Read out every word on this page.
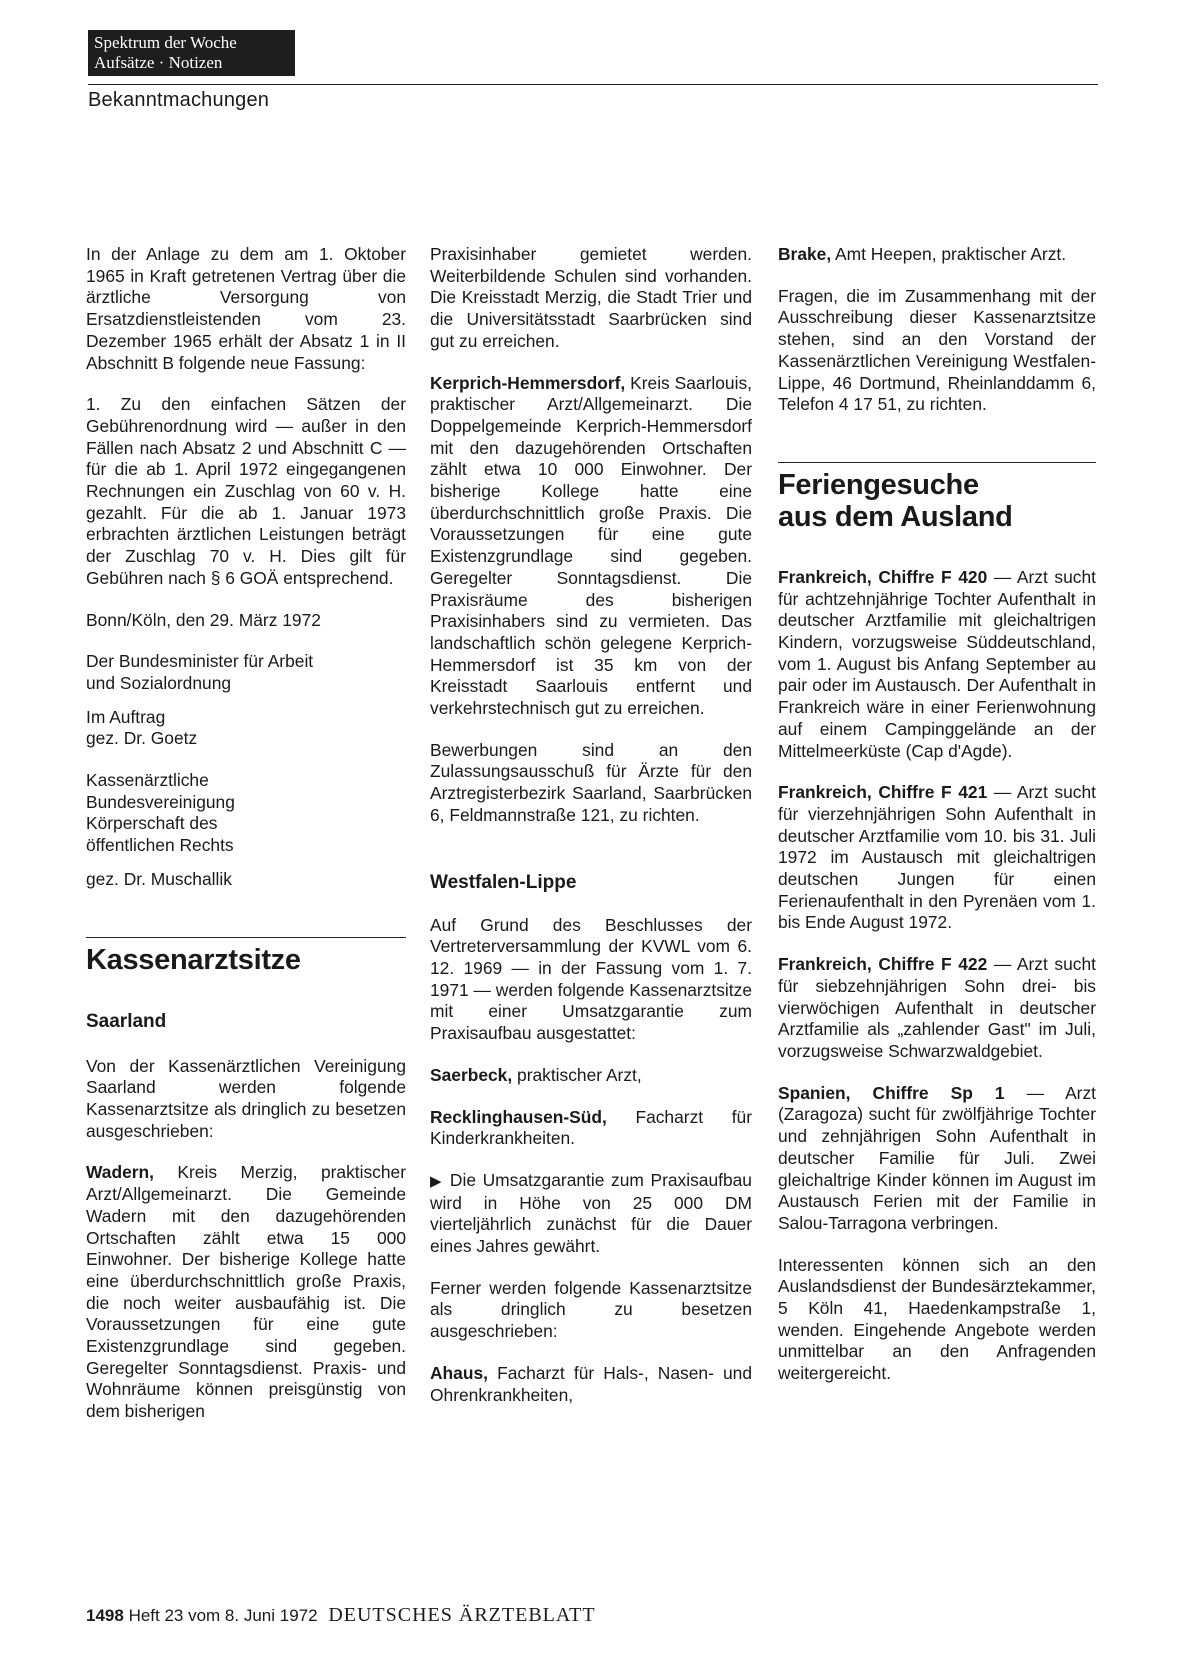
Spektrum der Woche
Aufsätze · Notizen
Bekanntmachungen

In der Anlage zu dem am 1. Oktober 1965 in Kraft getretenen Vertrag über die ärztliche Versorgung von Ersatzdienstleistenden vom 23. Dezember 1965 erhält der Absatz 1 in II Abschnitt B folgende neue Fassung:

1. Zu den einfachen Sätzen der Gebührenordnung wird — außer in den Fällen nach Absatz 2 und Abschnitt C — für die ab 1. April 1972 eingegangenen Rechnungen ein Zuschlag von 60 v. H. gezahlt. Für die ab 1. Januar 1973 erbrachten ärztlichen Leistungen beträgt der Zuschlag 70 v. H. Dies gilt für Gebühren nach § 6 GOÄ entsprechend.

Bonn/Köln, den 29. März 1972

Der Bundesminister für Arbeit
und Sozialordnung

Im Auftrag
gez. Dr. Goetz

Kassenärztliche
Bundesvereinigung
Körperschaft des
öffentlichen Rechts

gez. Dr. Muschallik

Kassenarztsitze
Saarland

Von der Kassenärztlichen Vereinigung Saarland werden folgende Kassenarztsitze als dringlich zu besetzen ausgeschrieben:

Wadern, Kreis Merzig, praktischer Arzt/Allgemeinarzt. Die Gemeinde Wadern mit den dazugehörenden Ortschaften zählt etwa 15 000 Einwohner. Der bisherige Kollege hatte eine überdurchschnittlich große Praxis, die noch weiter ausbaufähig ist. Die Voraussetzungen für eine gute Existenzgrundlage sind gegeben. Geregelter Sonntagsdienst. Praxis- und Wohnräume können preisgünstig von dem bisherigen

Praxisinhaber gemietet werden. Weiterbildende Schulen sind vorhanden. Die Kreisstadt Merzig, die Stadt Trier und die Universitätsstadt Saarbrücken sind gut zu erreichen.

Kerprich-Hemmersdorf, Kreis Saarlouis, praktischer Arzt/Allgemeinarzt. Die Doppelgemeinde Kerprich-Hemmersdorf mit den dazugehörenden Ortschaften zählt etwa 10 000 Einwohner. Der bisherige Kollege hatte eine überdurchschnittlich große Praxis. Die Voraussetzungen für eine gute Existenzgrundlage sind gegeben. Geregelter Sonntagsdienst. Die Praxisräume des bisherigen Praxisinhabers sind zu vermieten. Das landschaftlich schön gelegene Kerprich-Hemmersdorf ist 35 km von der Kreisstadt Saarlouis entfernt und verkehrstechnisch gut zu erreichen.

Bewerbungen sind an den Zulassungsausschuß für Ärzte für den Arztregisterbezirk Saarland, Saarbrücken 6, Feldmannstraße 121, zu richten.

Westfalen-Lippe

Auf Grund des Beschlusses der Vertreterversammlung der KVWL vom 6. 12. 1969 — in der Fassung vom 1. 7. 1971 — werden folgende Kassenarztsitze mit einer Umsatzgarantie zum Praxisaufbau ausgestattet:

Saerbeck, praktischer Arzt,

Recklinghausen-Süd, Facharzt für Kinderkrankheiten.

▶ Die Umsatzgarantie zum Praxisaufbau wird in Höhe von 25 000 DM vierteljährlich zunächst für die Dauer eines Jahres gewährt.

Ferner werden folgende Kassenarztsitze als dringlich zu besetzen ausgeschrieben:

Ahaus, Facharzt für Hals-, Nasen- und Ohrenkrankheiten,

Brake, Amt Heepen, praktischer Arzt.

Fragen, die im Zusammenhang mit der Ausschreibung dieser Kassenarztsitze stehen, sind an den Vorstand der Kassenärztlichen Vereinigung Westfalen-Lippe, 46 Dortmund, Rheinlanddamm 6, Telefon 4 17 51, zu richten.

Feriengesuche
aus dem Ausland

Frankreich, Chiffre F 420 — Arzt sucht für achtzehnjährige Tochter Aufenthalt in deutscher Arztfamilie mit gleichaltrigen Kindern, vorzugsweise Süddeutschland, vom 1. August bis Anfang September au pair oder im Austausch. Der Aufenthalt in Frankreich wäre in einer Ferienwohnung auf einem Campinggelände an der Mittelmeerküste (Cap d'Agde).

Frankreich, Chiffre F 421 — Arzt sucht für vierzehnjährigen Sohn Aufenthalt in deutscher Arztfamilie vom 10. bis 31. Juli 1972 im Austausch mit gleichaltrigen deutschen Jungen für einen Ferienaufenthalt in den Pyrenäen vom 1. bis Ende August 1972.

Frankreich, Chiffre F 422 — Arzt sucht für siebzehnjährigen Sohn drei- bis vierwöchigen Aufenthalt in deutscher Arztfamilie als „zahlender Gast" im Juli, vorzugsweise Schwarzwaldgebiet.

Spanien, Chiffre Sp 1 — Arzt (Zaragoza) sucht für zwölfjährige Tochter und zehnjährigen Sohn Aufenthalt in deutscher Familie für Juli. Zwei gleichaltrige Kinder können im August im Austausch Ferien mit der Familie in Salou-Tarragona verbringen.

Interessenten können sich an den Auslandsdienst der Bundesärztekammer, 5 Köln 41, Haedenkampstraße 1, wenden. Eingehende Angebote werden unmittelbar an den Anfragenden weitergereicht.

1498 Heft 23 vom 8. Juni 1972 DEUTSCHES ÄRZTEBLATT
